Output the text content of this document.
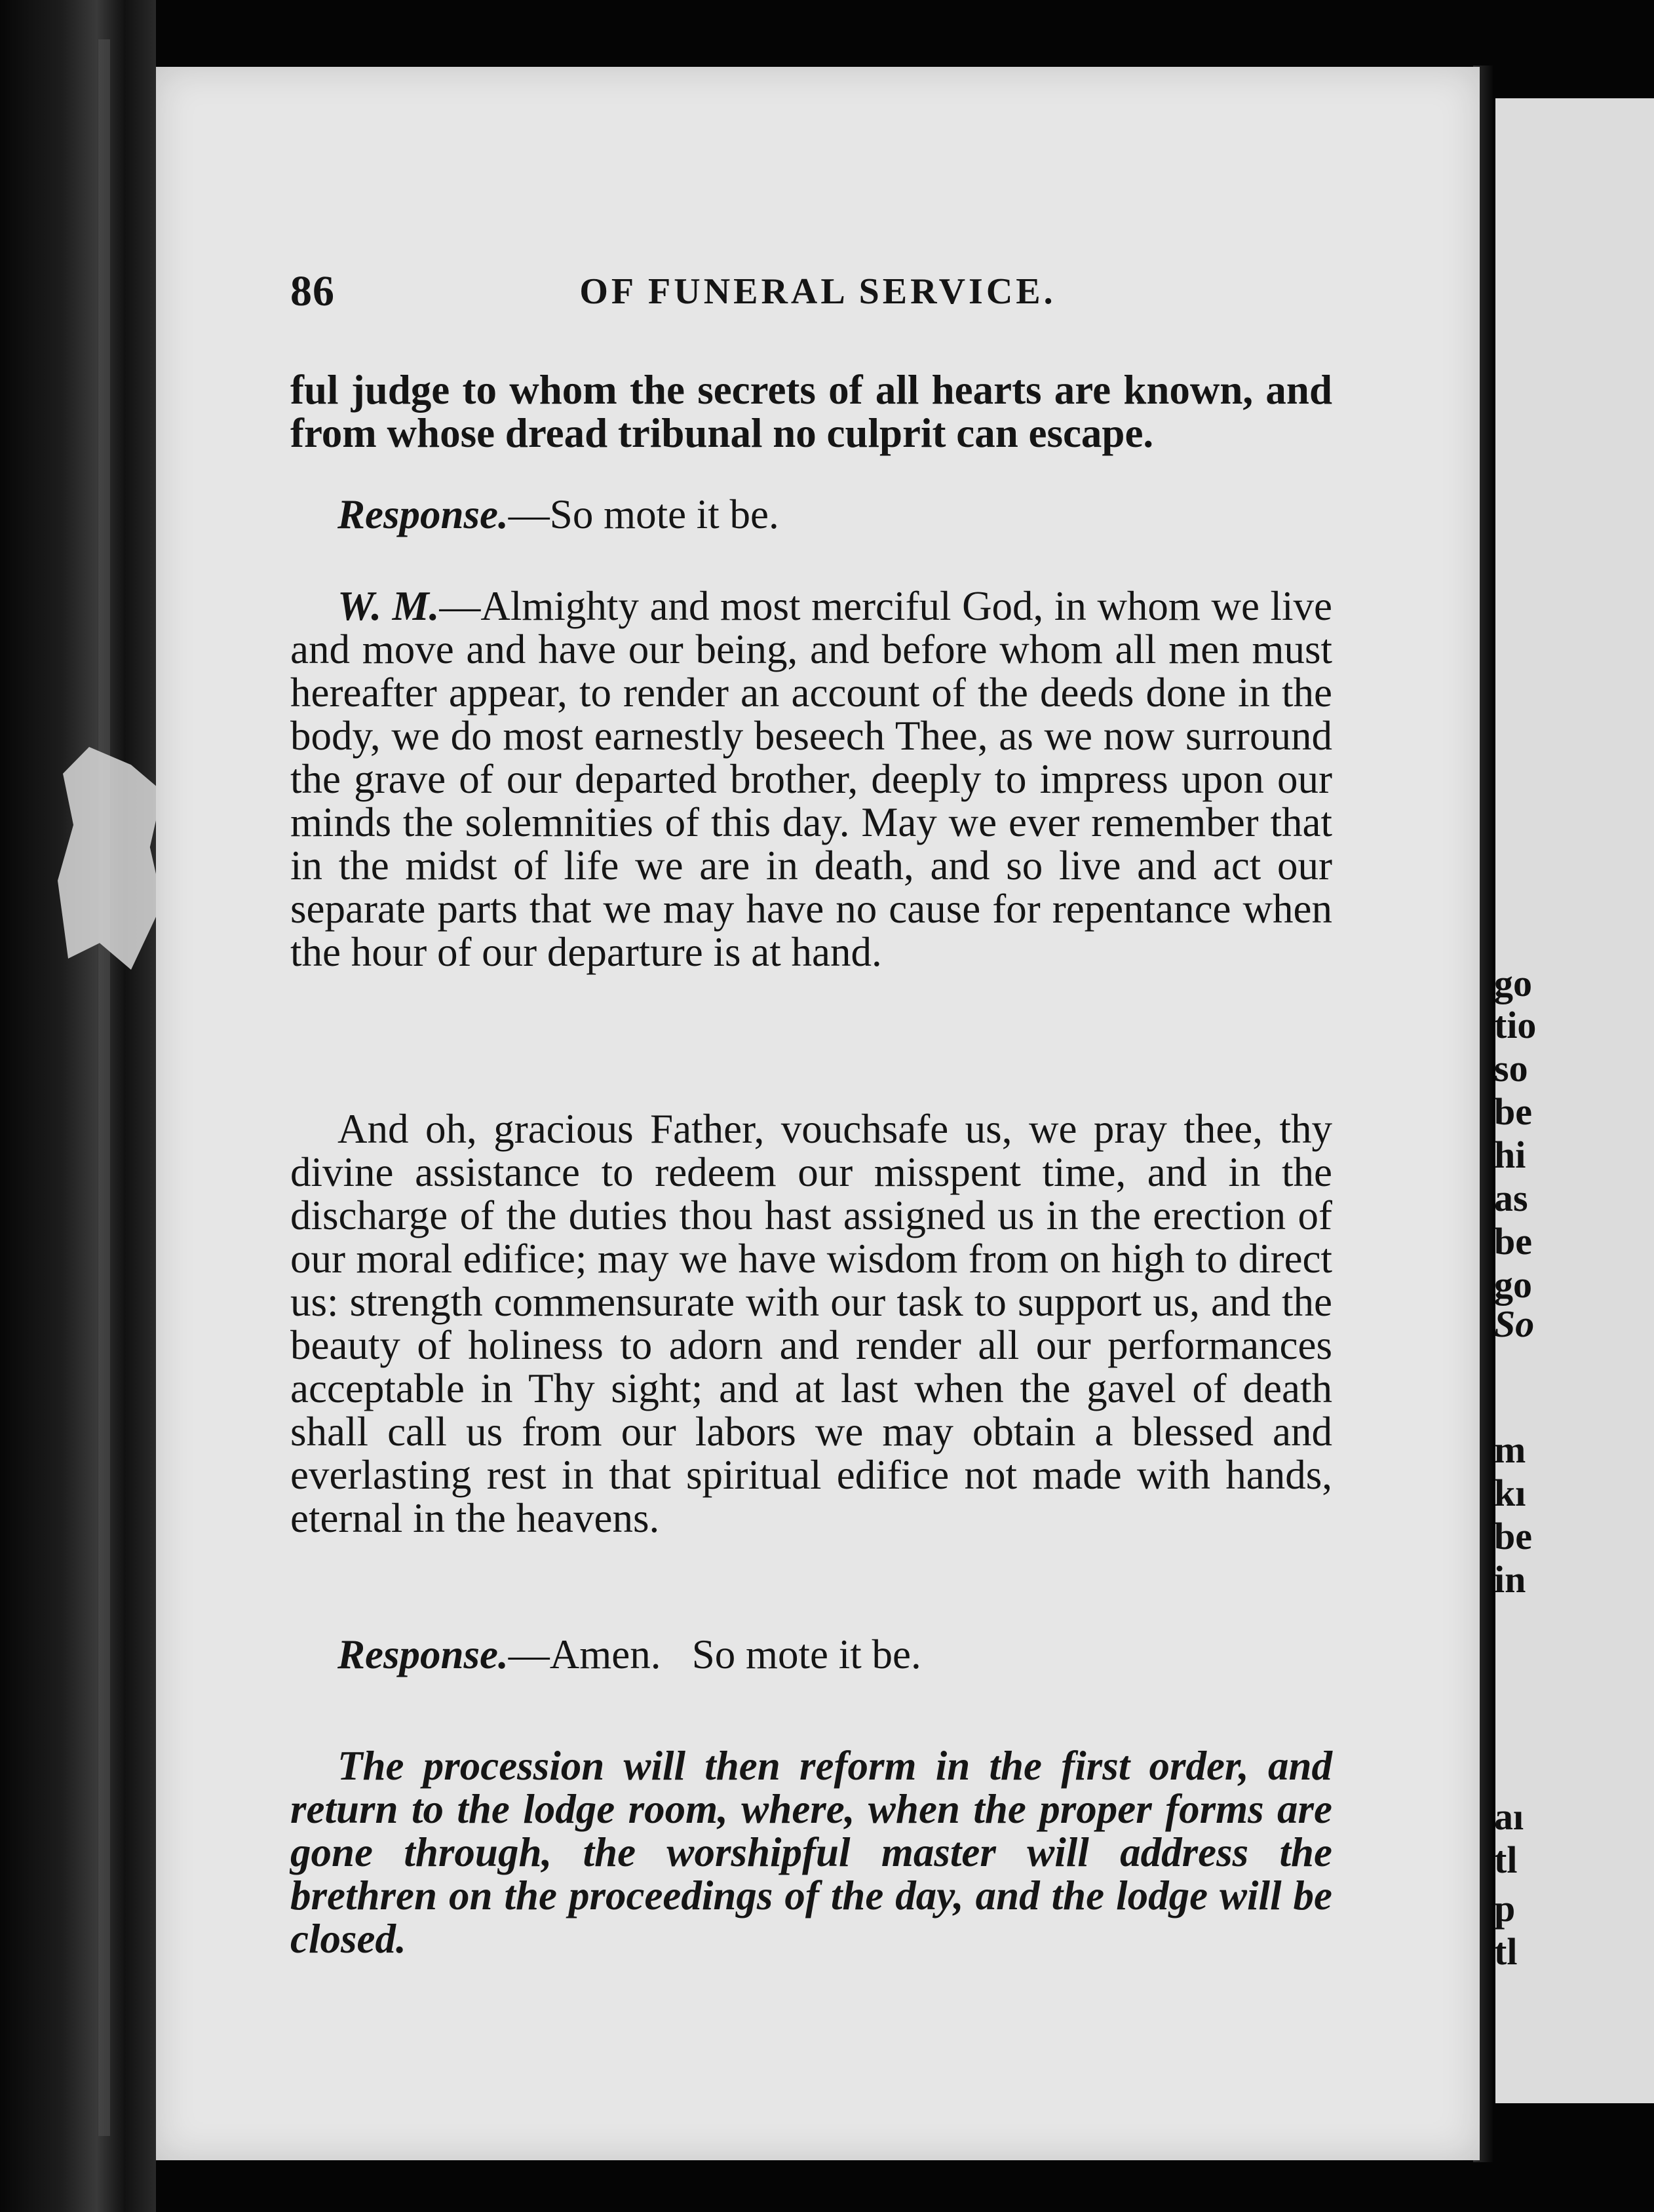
go
tio
so
be
hi
as
be
go
So
m
kı
be
in
aı
tl
p
tl
86	OF FUNERAL SERVICE.
ful judge to whom the secrets of all hearts are known, and from whose dread tribunal no culprit can escape.
Response.—So mote it be.
W. M.—Almighty and most merciful God, in whom we live and move and have our being, and before whom all men must hereafter appear, to render an account of the deeds done in the body, we do most earnestly beseech Thee, as we now surround the grave of our departed brother, deeply to impress upon our minds the solemnities of this day. May we ever remember that in the midst of life we are in death, and so live and act our separate parts that we may have no cause for repentance when the hour of our departure is at hand.
And oh, gracious Father, vouchsafe us, we pray thee, thy divine assistance to redeem our misspent time, and in the discharge of the duties thou hast assigned us in the erection of our moral edifice; may we have wisdom from on high to direct us: strength commensurate with our task to support us, and the beauty of holiness to adorn and render all our performances acceptable in Thy sight; and at last when the gavel of death shall call us from our labors we may obtain a blessed and everlasting rest in that spiritual edifice not made with hands, eternal in the heavens.
Response.—Amen.   So mote it be.
The procession will then reform in the first order, and return to the lodge room, where, when the proper forms are gone through, the worshipful master will address the brethren on the proceedings of the day, and the lodge will be closed.
